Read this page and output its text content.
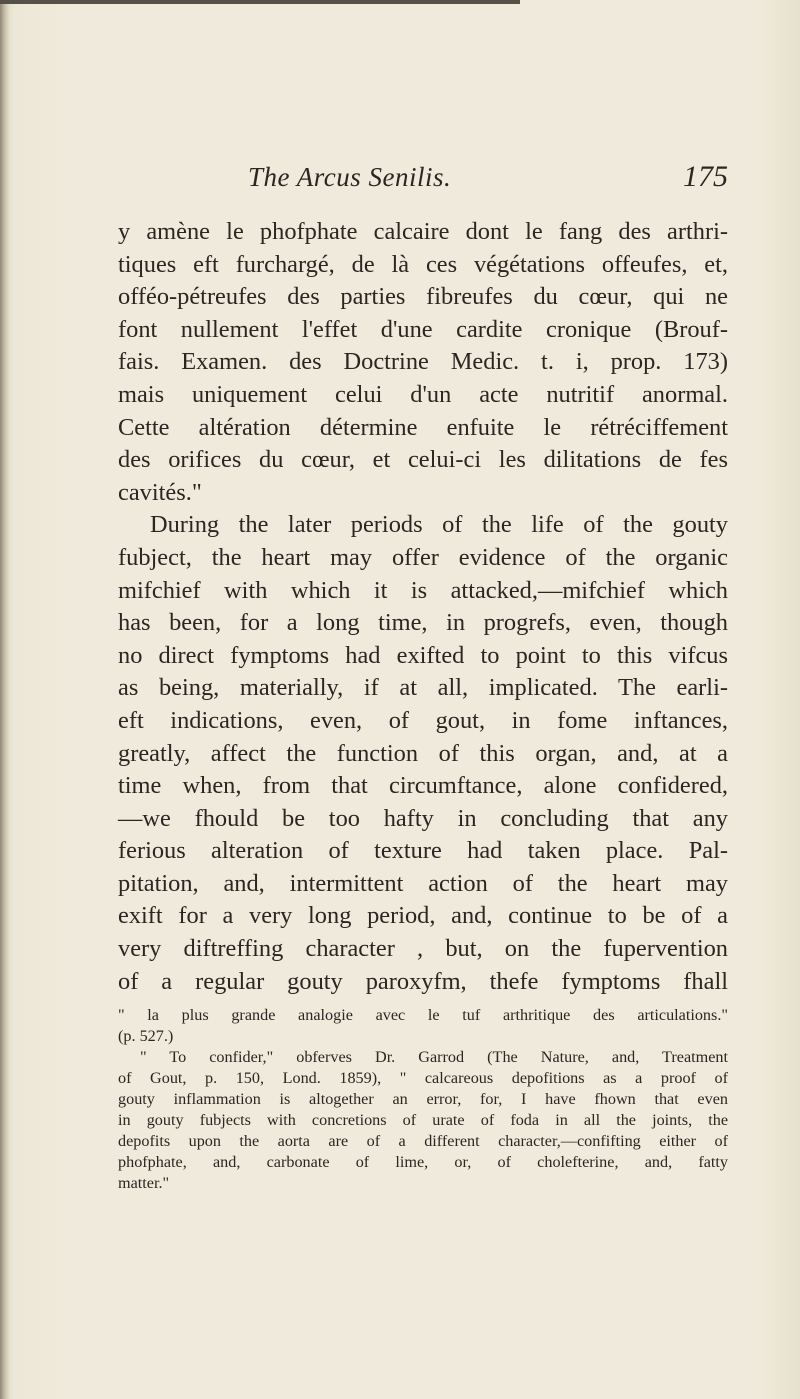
The Arcus Senilis.	175
y amène le phofphate calcaire dont le fang des arthri-
tiques eft furchargé, de là ces végétations offeufes, et,
offéo-pétreufes des parties fibreufes du cœur, qui ne
font nullement l'effet d'une cardite cronique (Brouf-
fais. Examen. des Doctrine Medic. t. i, prop. 173)
mais uniquement celui d'un acte nutritif anormal.
Cette altération détermine enfuite le rétréciffement
des orifices du cœur, et celui-ci les dilitations de fes
cavités."
During the later periods of the life of the gouty
fubject, the heart may offer evidence of the organic
mifchief with which it is attacked,—mifchief which
has been, for a long time, in progrefs, even, though
no direct fymptoms had exifted to point to this vifcus
as being, materially, if at all, implicated. The earli-
eft indications, even, of gout, in fome inftances,
greatly, affect the function of this organ, and, at a
time when, from that circumftance, alone confidered,
—we fhould be too hafty in concluding that any
ferious alteration of texture had taken place. Pal-
pitation, and, intermittent action of the heart may
exift for a very long period, and, continue to be of a
very diftreffing character , but, on the fupervention
of a regular gouty paroxyfm, thefe fymptoms fhall
" la plus grande analogie avec le tuf arthritique des articulations."
(p. 527.)
" To confider," obferves Dr. Garrod (The Nature, and, Treatment
of Gout, p. 150, Lond. 1859), " calcareous depofitions as a proof of
gouty inflammation is altogether an error, for, I have fhown that even
in gouty fubjects with concretions of urate of foda in all the joints, the
depofits upon the aorta are of a different character,—confifting either of
phofphate, and, carbonate of lime, or, of cholefterine, and, fatty
matter."
